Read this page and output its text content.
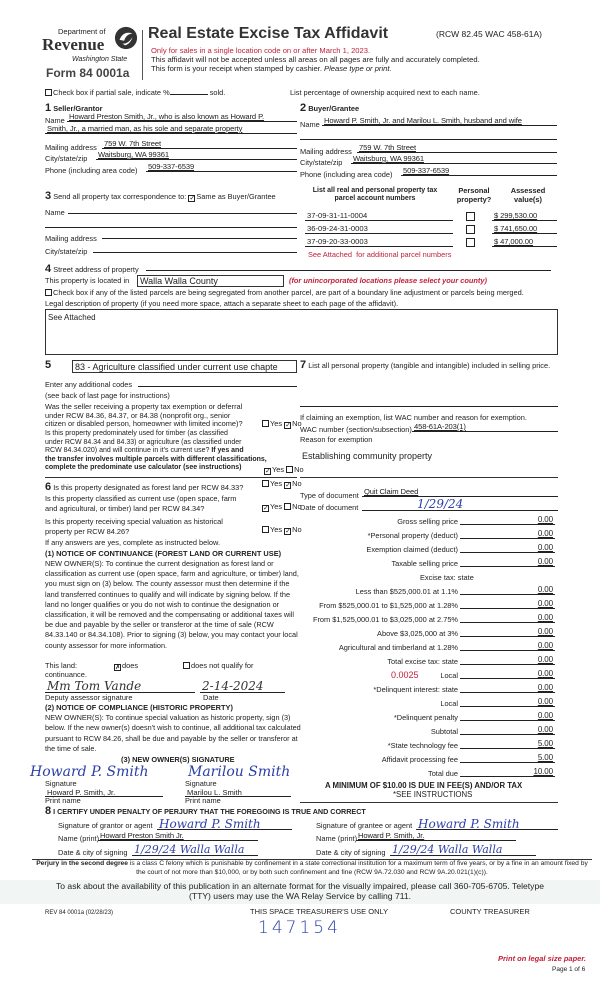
Department of
Revenue
Washington State
Form 84 0001a
Real Estate Excise Tax Affidavit	(RCW 82.45 WAC 458-61A)
Only for sales in a single location code on or after March 1, 2023.
This affidavit will not be accepted unless all areas on all pages are fully and accurately completed.
This form is your receipt when stamped by cashier. Please type or print.
Check box if partial sale, indicate %	sold.	List percentage of ownership acquired next to each name.
1 Seller/Grantor
Name Howard Preston Smith, Jr., who is also known as Howard P.
Smith, Jr., a married man, as his sole and separate property
Mailing address 759 W. 7th Street
City/state/zip Waitsburg, WA 99361
Phone (including area code) 509-337-6539
2 Buyer/Grantee
Name Howard P. Smith, Jr. and Marilou L. Smith, husband and wife
Mailing address 759 W. 7th Street
City/state/zip Waitsburg, WA 99361
Phone (including area code) 509-337-6539
3 Send all property tax correspondence to: ✓Same as Buyer/Grantee
Name
Mailing address
City/state/zip
List all real and personal property tax
parcel account numbers
Personal
property?
Assessed
value(s)
37-09-31-11-0004	$ 299,530.00
36-09-24-31-0003	$ 741,650.00
37-09-20-33-0003	$ 47,000.00
See Attached for additional parcel numbers
4 Street address of property
This property is located in	Walla Walla County	(for unincorporated locations please select your county)
Check box if any of the listed parcels are being segregated from another parcel, are part of a boundary line adjustment or parcels being merged.
Legal description of property (if you need more space, attach a separate sheet to each page of the affidavit).
See Attached
5	83 - Agriculture classified under current use chapte
Enter any additional codes
(see back of last page for instructions)
Was the seller receiving a property tax exemption or deferral
under RCW 84.36, 84.37, or 84.38 (nonprofit org., senior
citizen or disabled person, homeowner with limited income)?	Yes ✓No
Is this property predominately used for timber (as classified
under RCW 84.34 and 84.33) or agriculture (as classified under
RCW 84.34.020) and will continue in it's current use? If yes and
the transfer involves multiple parcels with different classifications,
complete the predominate use calculator (see instructions)
✓Yes No
6 Is this property designated as forest land per RCW 84.33?	Yes ✓No
Is this property classified as current use (open space, farm
and agricultural, or timber) land per RCW 84.34?	✓Yes No
Is this property receiving special valuation as historical
property per RCW 84.26?	Yes ✓No
If any answers are yes, complete as instructed below.
(1) NOTICE OF CONTINUANCE (FOREST LAND OR CURRENT USE)
NEW OWNER(S): To continue the current designation as forest land or classification as current use (open space, farm and agriculture, or timber) land, you must sign on (3) below. The county assessor must then determine if the land transferred continues to qualify and will indicate by signing below. If the land no longer qualifies or you do not wish to continue the designation or classification, it will be removed and the compensating or additional taxes will be due and payable by the seller or transferor at the time of sale (RCW 84.33.140 or 84.34.108). Prior to signing (3) below, you may contact your local county assessor for more information.
This land:	✗does	does not qualify for
continuance.
Mm Tom Vande	2-14-2024
Deputy assessor signature	Date
(2) NOTICE OF COMPLIANCE (HISTORIC PROPERTY)
NEW OWNER(S): To continue special valuation as historic property, sign (3) below. If the new owner(s) doesn't wish to continue, all additional tax calculated pursuant to RCW 84.26, shall be due and payable by the seller or transferor at the time of sale.
(3) NEW OWNER(S) SIGNATURE
Howard P. Smith	Marilou Smith
Signature	Signature
Howard P. Smith, Jr.	Marilou L. Smith
Print name	Print name
7 List all personal property (tangible and intangible) included in selling price.
If claiming an exemption, list WAC number and reason for exemption.
WAC number (section/subsection) 458-61A-203(1)
Reason for exemption
Establishing community property
Type of document Quit Claim Deed
Date of document	1/29/24
Gross selling price	0.00
*Personal property (deduct)	0.00
Exemption claimed (deduct)	0.00
Taxable selling price	0.00
Excise tax: state
Less than $525,000.01 at 1.1%	0.00
From $525,000.01 to $1,525,000 at 1.28%	0.00
From $1,525,000.01 to $3,025,000 at 2.75%	0.00
Above $3,025,000 at 3%	0.00
Agricultural and timberland at 1.28%	0.00
Total excise tax: state	0.00
Local	0.00
*Delinquent interest: state	0.00
Local	0.00
*Delinquent penalty	0.00
Subtotal	0.00
*State technology fee	5.00
Affidavit processing fee	5.00
Total due	10.00
0.0025
A MINIMUM OF $10.00 IS DUE IN FEE(S) AND/OR TAX
*SEE INSTRUCTIONS
8 I CERTIFY UNDER PENALTY OF PERJURY THAT THE FOREGOING IS TRUE AND CORRECT
Signature of grantor or agent Howard P. Smith
Name (print) Howard Preston Smith Jr.
Date & city of signing 1/29/24 Walla Walla
Signature of grantee or agent Howard P. Smith
Name (print) Howard P. Smith, Jr.
Date & city of signing 1/29/24 Walla Walla
Perjury in the second degree is a class C felony which is punishable by confinement in a state correctional institution for a maximum term of five years, or by a fine in an amount fixed by the court of not more than $10,000, or by both such confinement and fine (RCW 9A.72.030 and RCW 9A.20.021(1)(c)).
To ask about the availability of this publication in an alternate format for the visually impaired, please call 360-705-6705. Teletype
(TTY) users may use the WA Relay Service by calling 711.
REV 84 0001a (02/28/23)	THIS SPACE TREASURER'S USE ONLY	COUNTY TREASURER
147154
Print on legal size paper.
Page 1 of 6
